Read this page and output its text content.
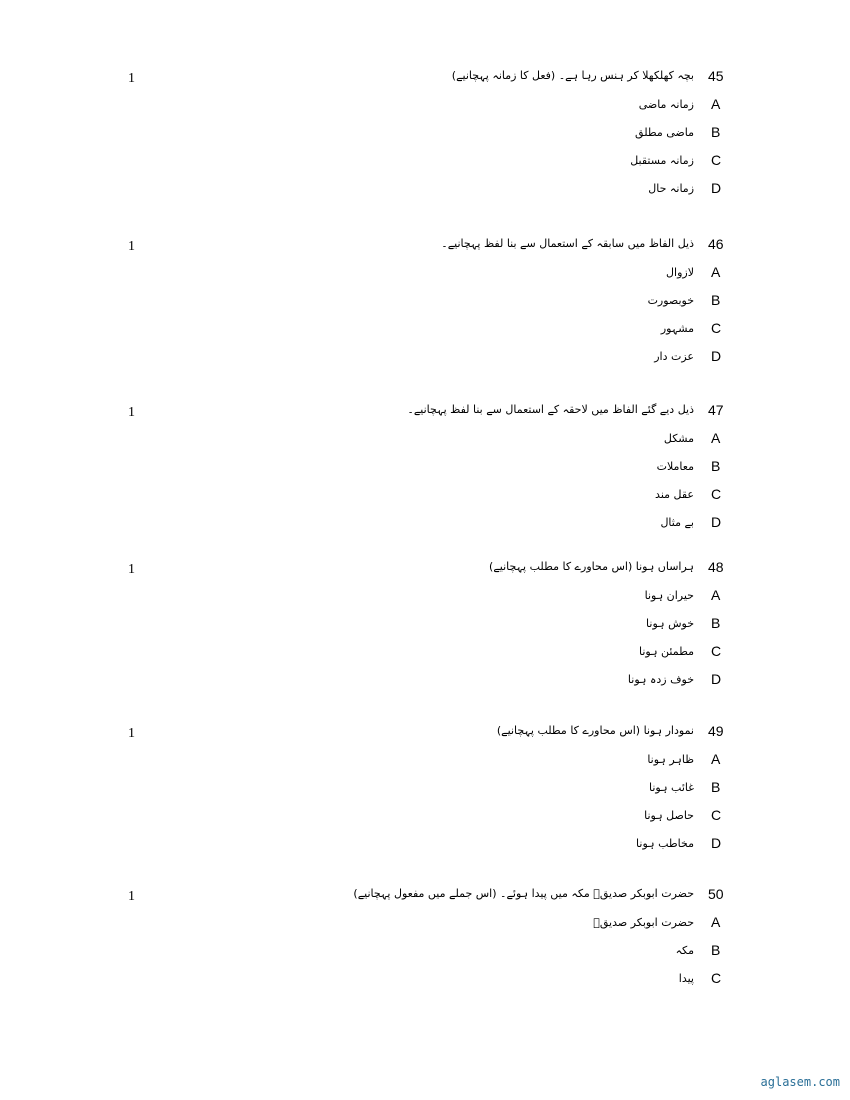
1	45
بچہ کھلکھلا کر ہنس رہا ہے۔ (فعل کا زمانہ پہچانیے)
A
زمانہ ماضی
B
ماضی مطلق
C
زمانہ مستقبل
D
زمانہ حال
1	46
ذیل الفاظ میں سابقہ کے استعمال سے بنا لفظ پہچانیے۔
A
لازوال
B
خوبصورت
C
مشہور
D
عزت دار
1	47
ذیل دیے گئے الفاظ میں لاحقہ کے استعمال سے بنا لفظ پہچانیے۔
A
مشکل
B
معاملات
C
عقل مند
D
بے مثال
1	48
ہراساں ہونا (اس محاورے کا مطلب پہچانیے)
A
حیران ہونا
B
خوش ہونا
C
مطمئن ہونا
D
خوف زدہ ہونا
1	49
نمودار ہونا (اس محاورے کا مطلب پہچانیے)
A
ظاہر ہونا
B
غائب ہونا
C
حاصل ہونا
D
مخاطب ہونا
1	50
حضرت ابوبکر صدیقؓ مکہ میں پیدا ہوئے۔ (اس جملے میں مفعول پہچانیے)
A
حضرت ابوبکر صدیقؓ
B
مکہ
C
پیدا
aglasem.com
